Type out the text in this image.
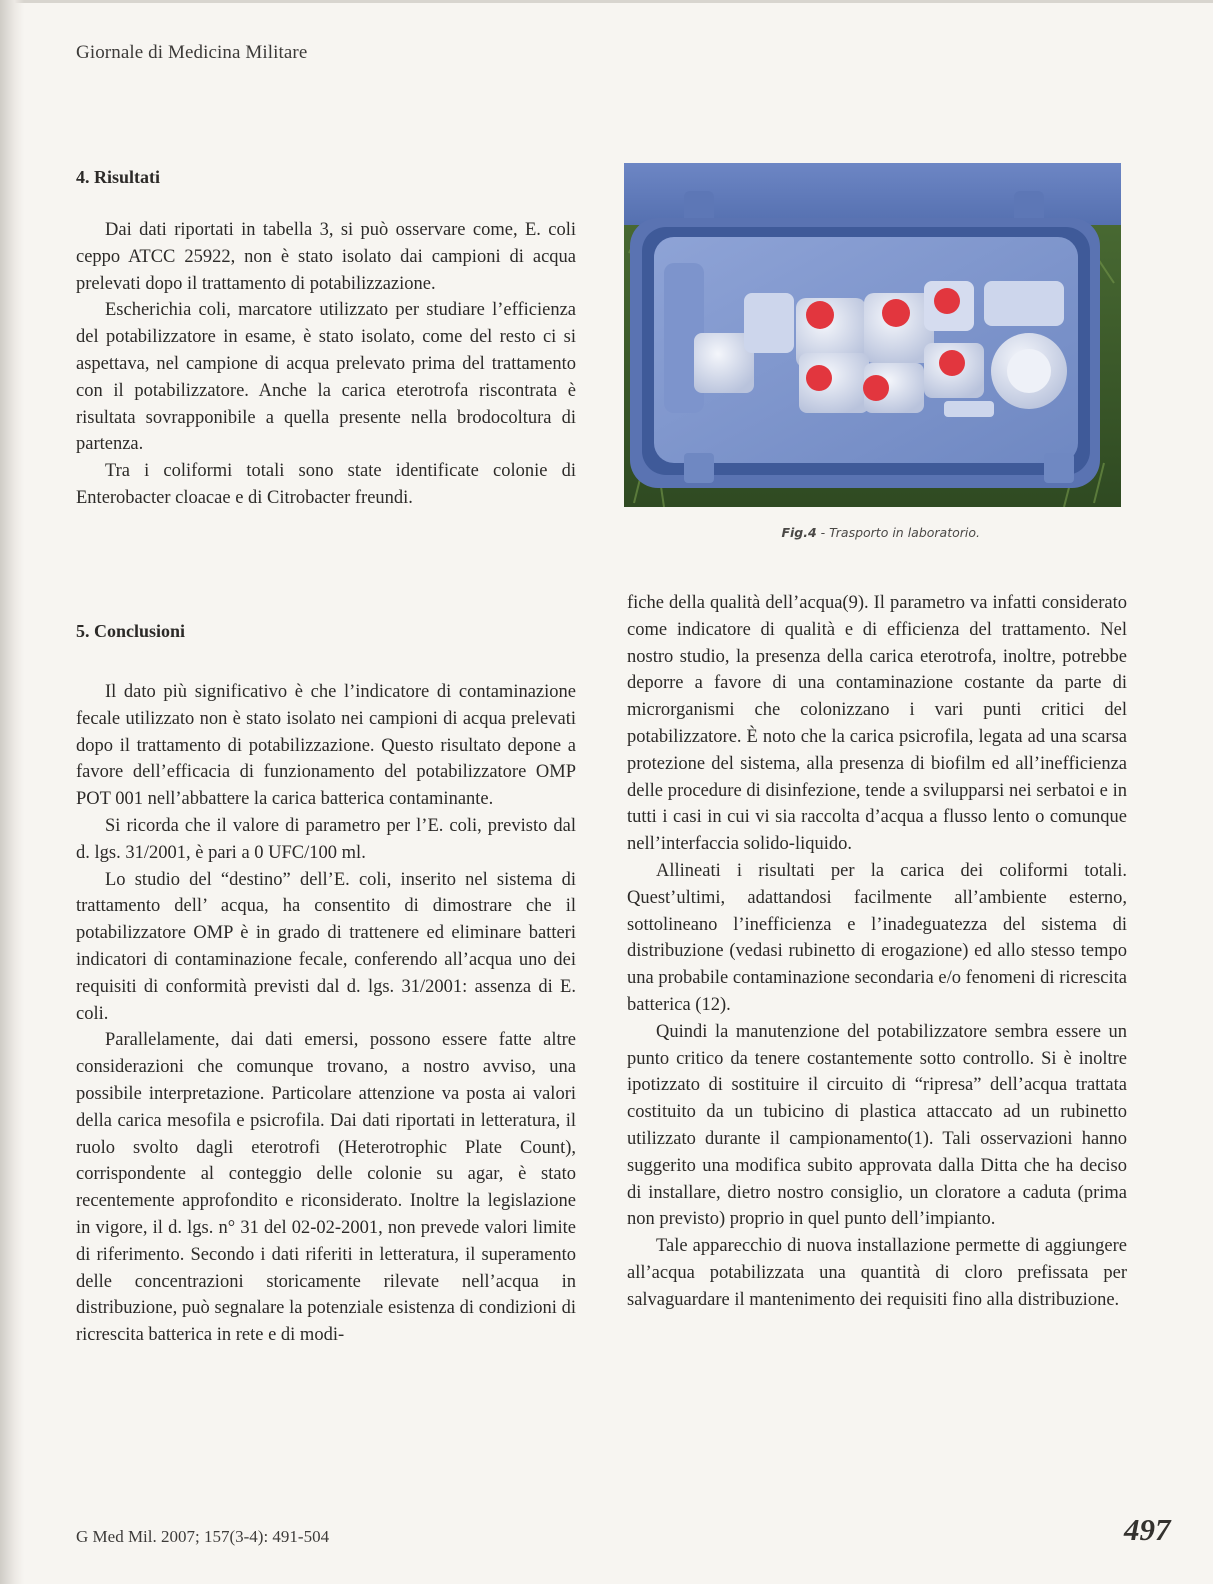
Giornale di Medicina Militare
4. Risultati

Dai dati riportati in tabella 3, si può osservare come, E. coli ceppo ATCC 25922, non è stato isolato dai campioni di acqua prelevati dopo il trattamento di potabilizzazione.

Escherichia coli, marcatore utilizzato per studiare l’efficienza del potabilizzatore in esame, è stato isolato, come del resto ci si aspettava, nel campione di acqua prelevato prima del trattamento con il potabilizzatore. Anche la carica eterotrofa riscontrata è risultata sovrapponibile a quella presente nella brodocoltura di partenza.

Tra i coliformi totali sono state identificate colonie di Enterobacter cloacae e di Citrobacter freundi.

5. Conclusioni

Il dato più significativo è che l’indicatore di contaminazione fecale utilizzato non è stato isolato nei campioni di acqua prelevati dopo il trattamento di potabilizzazione. Questo risultato depone a favore dell’efficacia di funzionamento del potabilizzatore OMP POT 001 nell’abbattere la carica batterica contaminante.

Si ricorda che il valore di parametro per l’E. coli, previsto dal d. lgs. 31/2001, è pari a 0 UFC/100 ml.

Lo studio del “destino” dell’E. coli, inserito nel sistema di trattamento dell’ acqua, ha consentito di dimostrare che il potabilizzatore OMP è in grado di trattenere ed eliminare batteri indicatori di contaminazione fecale, conferendo all’acqua uno dei requisiti di conformità previsti dal d. lgs. 31/2001: assenza di E. coli.

Parallelamente, dai dati emersi, possono essere fatte altre considerazioni che comunque trovano, a nostro avviso, una possibile interpretazione. Particolare attenzione va posta ai valori della carica mesofila e psicrofila. Dai dati riportati in letteratura, il ruolo svolto dagli eterotrofi (Heterotrophic Plate Count), corrispondente al conteggio delle colonie su agar, è stato recentemente approfondito e riconsiderato. Inoltre la legislazione in vigore, il d. lgs. n° 31 del 02-02-2001, non prevede valori limite di riferimento. Secondo i dati riferiti in letteratura, il superamento delle concentrazioni storicamente rilevate nell’acqua in distribuzione, può segnalare la potenziale esistenza di condizioni di ricrescita batterica in rete e di modi-

Fig.4 - Trasporto in laboratorio.

fiche della qualità dell’acqua(9). Il parametro va infatti considerato come indicatore di qualità e di efficienza del trattamento. Nel nostro studio, la presenza della carica eterotrofa, inoltre, potrebbe deporre a favore di una contaminazione costante da parte di microrganismi che colonizzano i vari punti critici del potabilizzatore. È noto che la carica psicrofila, legata ad una scarsa protezione del sistema, alla presenza di biofilm ed all’inefficienza delle procedure di disinfezione, tende a svilupparsi nei serbatoi e in tutti i casi in cui vi sia raccolta d’acqua a flusso lento o comunque nell’interfaccia solido-liquido.

Allineati i risultati per la carica dei coliformi totali. Quest’ultimi, adattandosi facilmente all’ambiente esterno, sottolineano l’inefficienza e l’inadeguatezza del sistema di distribuzione (vedasi rubinetto di erogazione) ed allo stesso tempo una probabile contaminazione secondaria e/o fenomeni di ricrescita batterica (12).

Quindi la manutenzione del potabilizzatore sembra essere un punto critico da tenere costantemente sotto controllo. Si è inoltre ipotizzato di sostituire il circuito di “ripresa” dell’acqua trattata costituito da un tubicino di plastica attaccato ad un rubinetto utilizzato durante il campionamento(1). Tali osservazioni hanno suggerito una modifica subito approvata dalla Ditta che ha deciso di installare, dietro nostro consiglio, un cloratore a caduta (prima non previsto) proprio in quel punto dell’impianto.

Tale apparecchio di nuova installazione permette di aggiungere all’acqua potabilizzata una quantità di cloro prefissata per salvaguardare il mantenimento dei requisiti fino alla distribuzione.

G Med Mil. 2007; 157(3-4): 491-504	497
